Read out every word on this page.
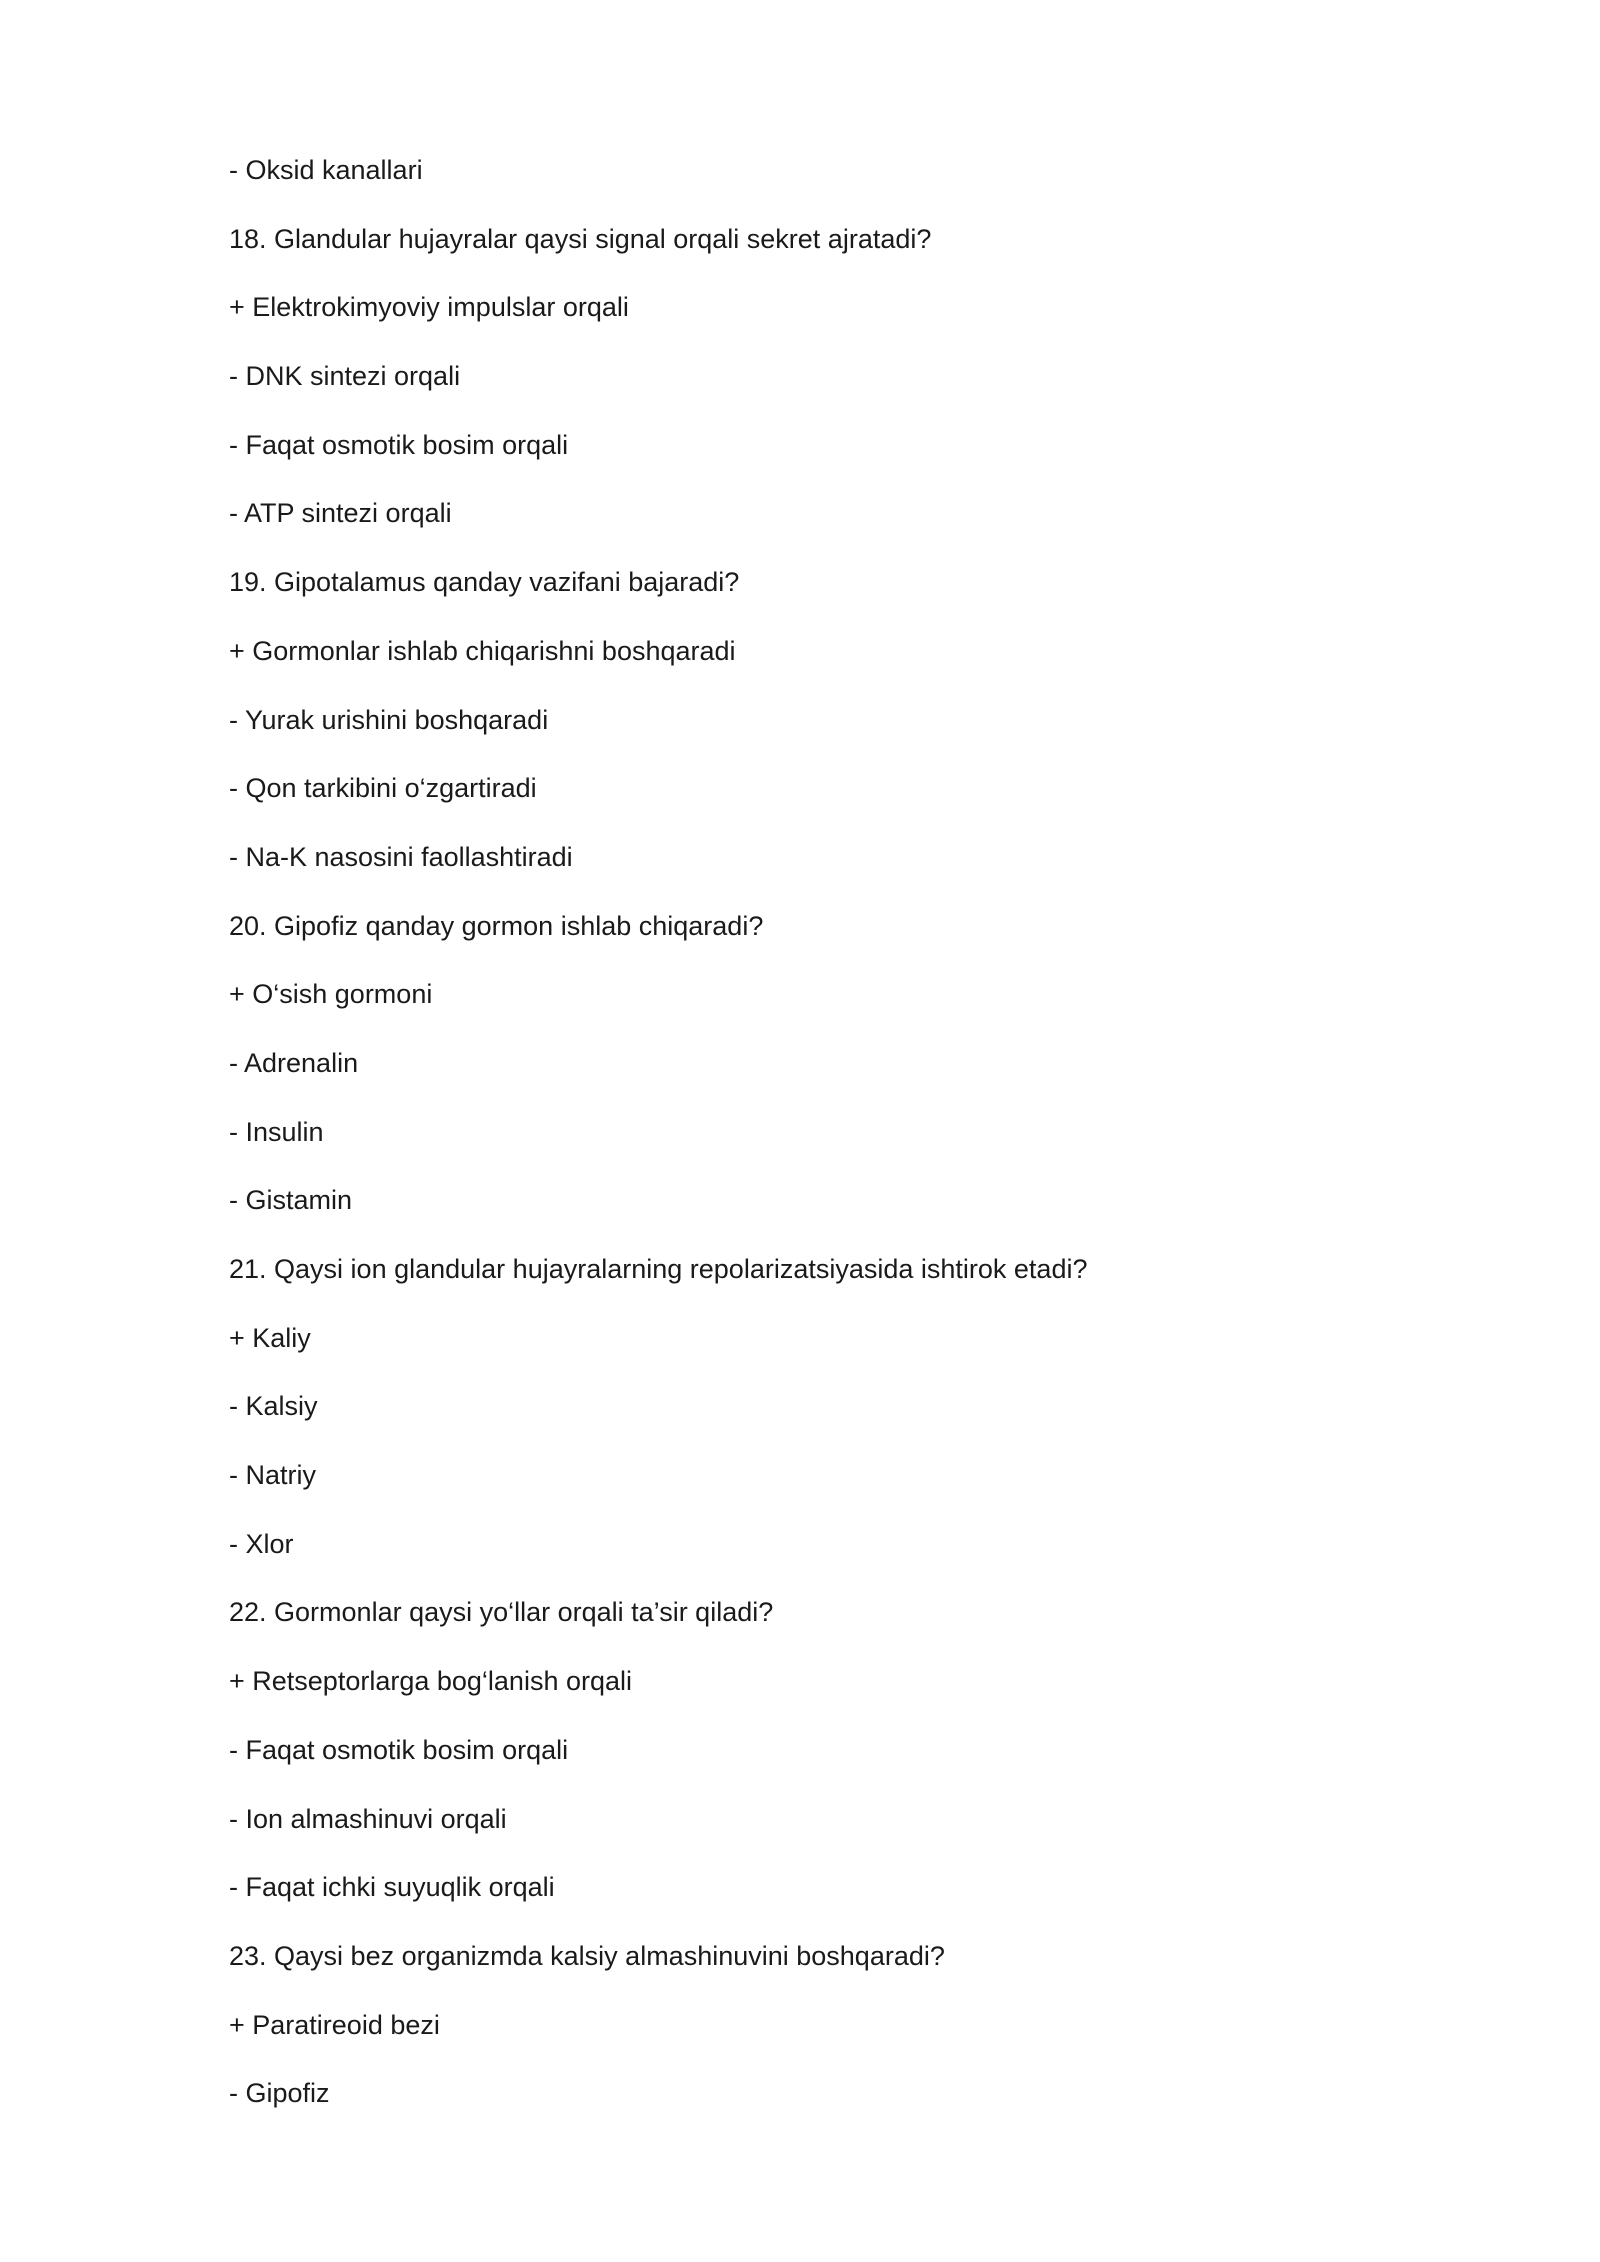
- Oksid kanallari
18. Glandular hujayralar qaysi signal orqali sekret ajratadi?
+ Elektrokimyoviy impulslar orqali
- DNK sintezi orqali
- Faqat osmotik bosim orqali
- ATP sintezi orqali
19. Gipotalamus qanday vazifani bajaradi?
+ Gormonlar ishlab chiqarishni boshqaradi
- Yurak urishini boshqaradi
- Qon tarkibini o‘zgartiradi
- Na-K nasosini faollashtiradi
20. Gipofiz qanday gormon ishlab chiqaradi?
+ O‘sish gormoni
- Adrenalin
- Insulin
- Gistamin
21. Qaysi ion glandular hujayralarning repolarizatsiyasida ishtirok etadi?
+ Kaliy
- Kalsiy
- Natriy
- Xlor
22. Gormonlar qaysi yo‘llar orqali ta’sir qiladi?
+ Retseptorlarga bog‘lanish orqali
- Faqat osmotik bosim orqali
- Ion almashinuvi orqali
- Faqat ichki suyuqlik orqali
23. Qaysi bez organizmda kalsiy almashinuvini boshqaradi?
+ Paratireoid bezi
- Gipofiz
